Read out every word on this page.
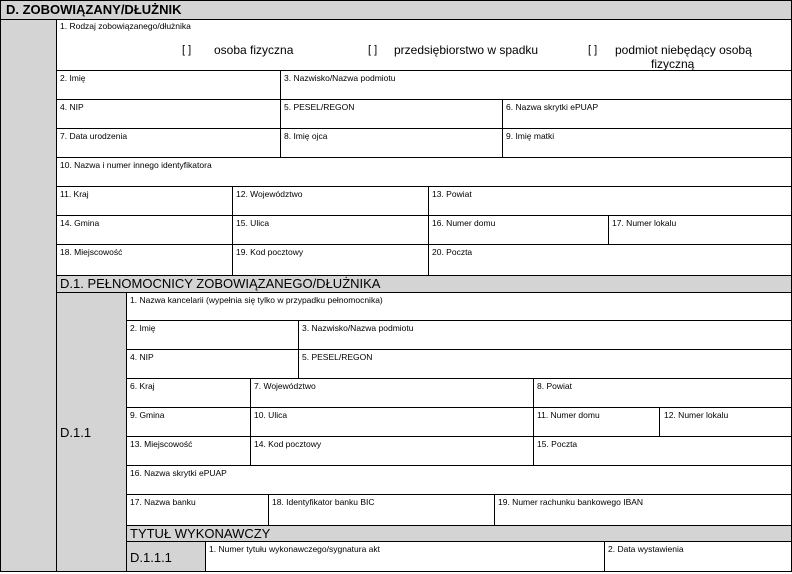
D. ZOBOWIĄZANY/DŁUŻNIK
1. Rodzaj zobowiązanego/dłużnika
[ ] osoba fizyczna	[ ] przedsiębiorstwo w spadku	[ ] podmiot niebędący osobą
fizyczną
2. Imię	3. Nazwisko/Nazwa podmiotu
4. NIP	5. PESEL/REGON	6. Nazwa skrytki ePUAP
7. Data urodzenia	8. Imię ojca	9. Imię matki
10. Nazwa i numer innego identyfikatora
11. Kraj	12. Województwo	13. Powiat
14. Gmina	15. Ulica	16. Numer domu	17. Numer lokalu
18. Miejscowość	19. Kod pocztowy	20. Poczta
D.1. PEŁNOMOCNICY ZOBOWIĄZANEGO/DŁUŻNIKA
D.1.1
1. Nazwa kancelarii (wypełnia się tylko w przypadku pełnomocnika)
2. Imię	3. Nazwisko/Nazwa podmiotu
4. NIP	5. PESEL/REGON
6. Kraj	7. Województwo	8. Powiat
9. Gmina	10. Ulica	11. Numer domu	12. Numer lokalu
13. Miejscowość	14. Kod pocztowy	15. Poczta
16. Nazwa skrytki ePUAP
17. Nazwa banku	18. Identyfikator banku BIC	19. Numer rachunku bankowego IBAN
TYTUŁ WYKONAWCZY
D.1.1.1
1. Numer tytułu wykonawczego/sygnatura akt	2. Data wystawienia
